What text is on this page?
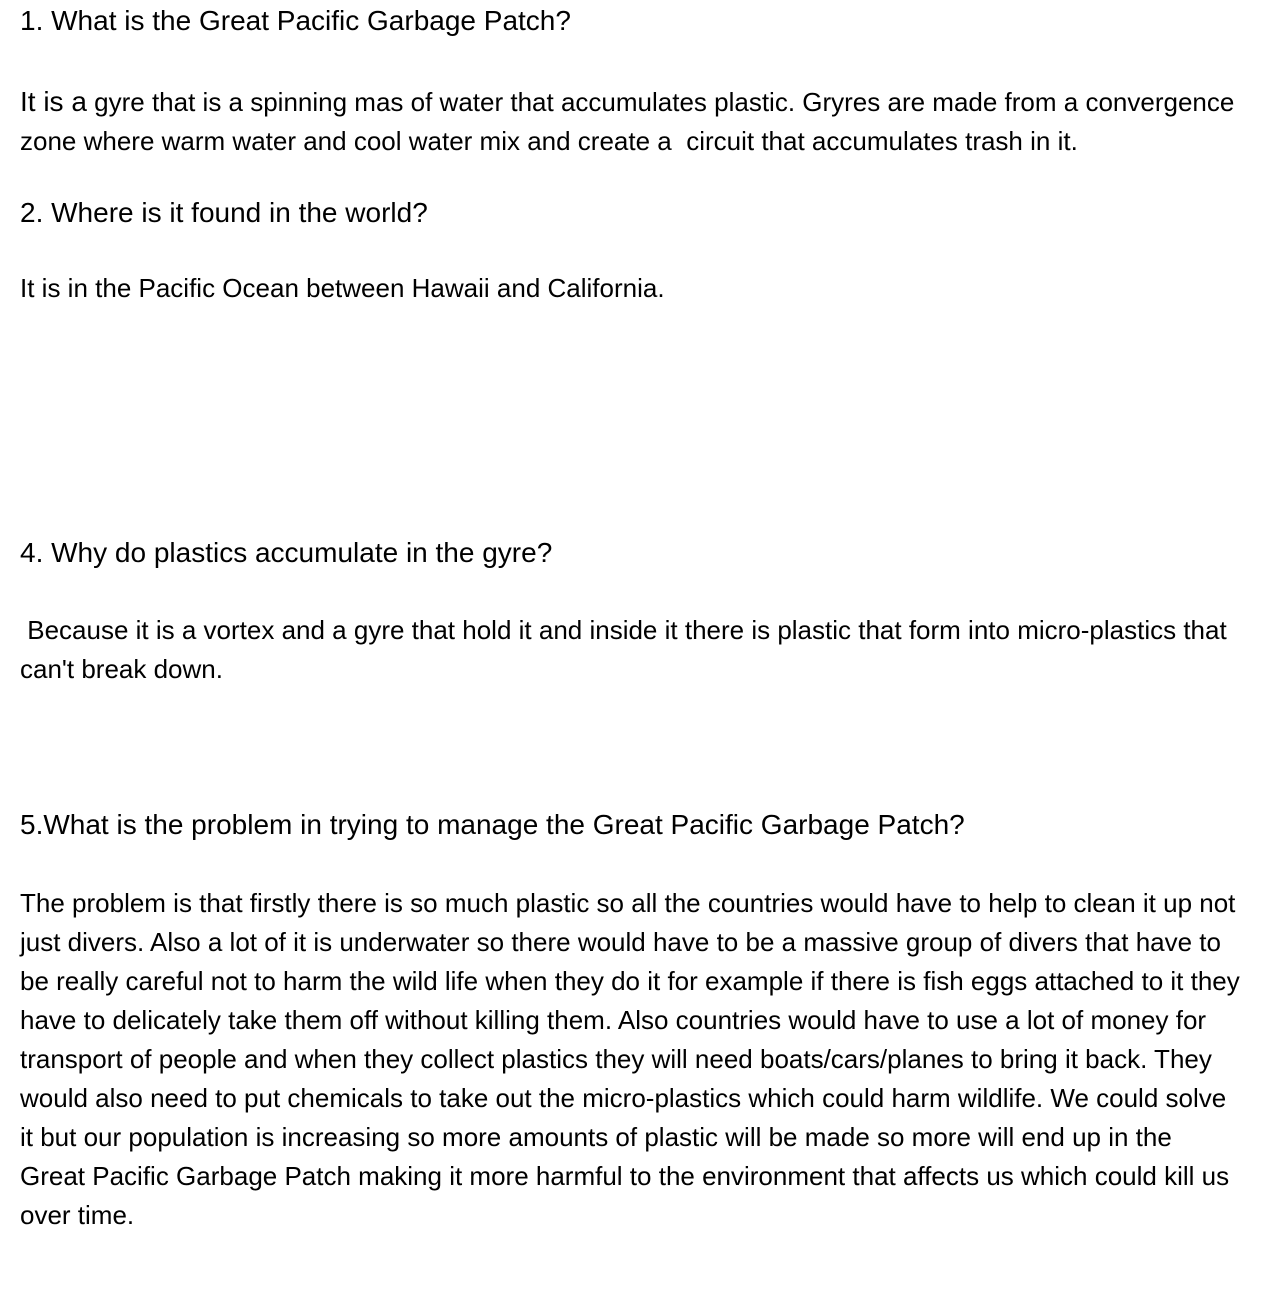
1. What is the Great Pacific Garbage Patch?

It is a gyre that is a spinning mas of water that accumulates plastic. Gryres are made from a convergence zone where warm water and cool water mix and create a  circuit that accumulates trash in it.

2. Where is it found in the world?

It is in the Pacific Ocean between Hawaii and California.

4. Why do plastics accumulate in the gyre?

Because it is a vortex and a gyre that hold it and inside it there is plastic that form into micro-plastics that can't break down.

5.What is the problem in trying to manage the Great Pacific Garbage Patch?

The problem is that firstly there is so much plastic so all the countries would have to help to clean it up not just divers. Also a lot of it is underwater so there would have to be a massive group of divers that have to be really careful not to harm the wild life when they do it for example if there is fish eggs attached to it they have to delicately take them off without killing them. Also countries would have to use a lot of money for transport of people and when they collect plastics they will need boats/cars/planes to bring it back. They would also need to put chemicals to take out the micro-plastics which could harm wildlife. We could solve it but our population is increasing so more amounts of plastic will be made so more will end up in the Great Pacific Garbage Patch making it more harmful to the environment that affects us which could kill us over time.
